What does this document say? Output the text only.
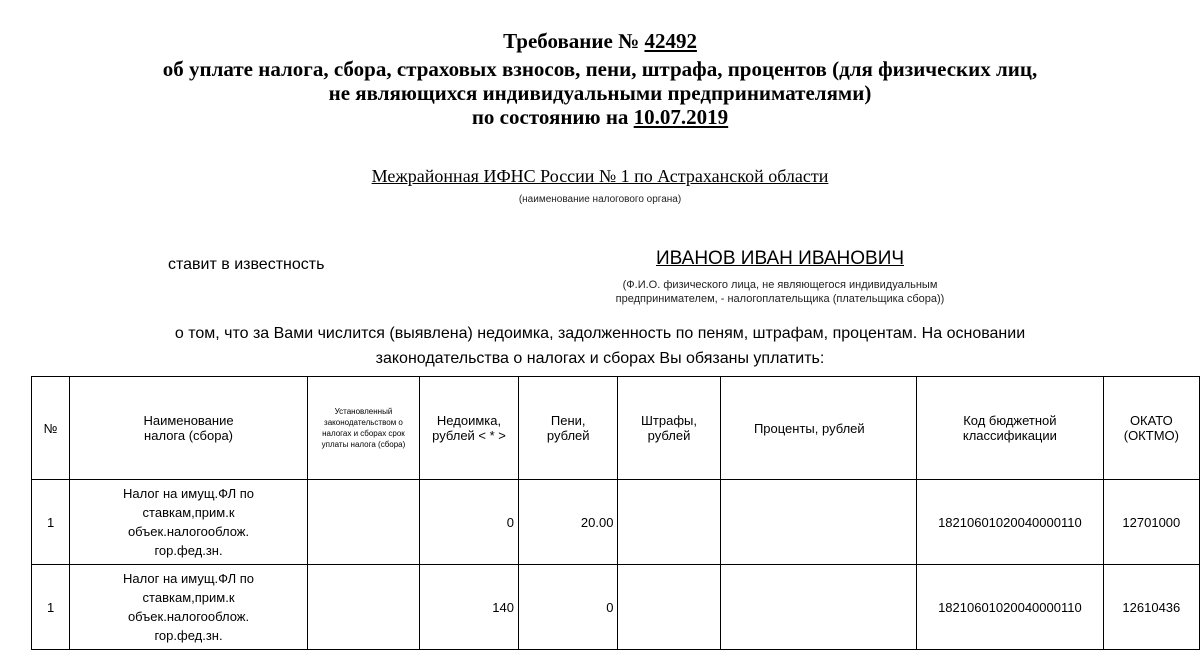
Требование № 42492
об уплате налога, сбора, страховых взносов, пени, штрафа, процентов (для физических лиц,
не являющихся индивидуальными предпринимателями)
по состоянию на 10.07.2019
Межрайонная ИФНС России № 1 по Астраханской области
(наименование налогового органа)
ставит в известность	ИВАНОВ ИВАН ИВАНОВИЧ
(Ф.И.О. физического лица, не являющегося индивидуальным
предпринимателем, - налогоплательщика (плательщика сбора))
о том, что за Вами числится (выявлена) недоимка, задолженность по пеням, штрафам, процентам. На основании
законодательства о налогах и сборах Вы обязаны уплатить:
№	Наименование налога (сбора)	Установленный законодательством о налогах и сборах срок уплаты налога (сбора)	Недоимка, рублей < * >	Пени, рублей	Штрафы, рублей	Проценты, рублей	Код бюджетной классификации	ОКАТО (ОКТМО)
1	Налог на имущ.ФЛ по ставкам,прим.к объек.налогооблож. гор.фед.зн.		0	20.00			18210601020040000110	12701000
1	Налог на имущ.ФЛ по ставкам,прим.к объек.налогооблож. гор.фед.зн.		140	0			18210601020040000110	12610436
